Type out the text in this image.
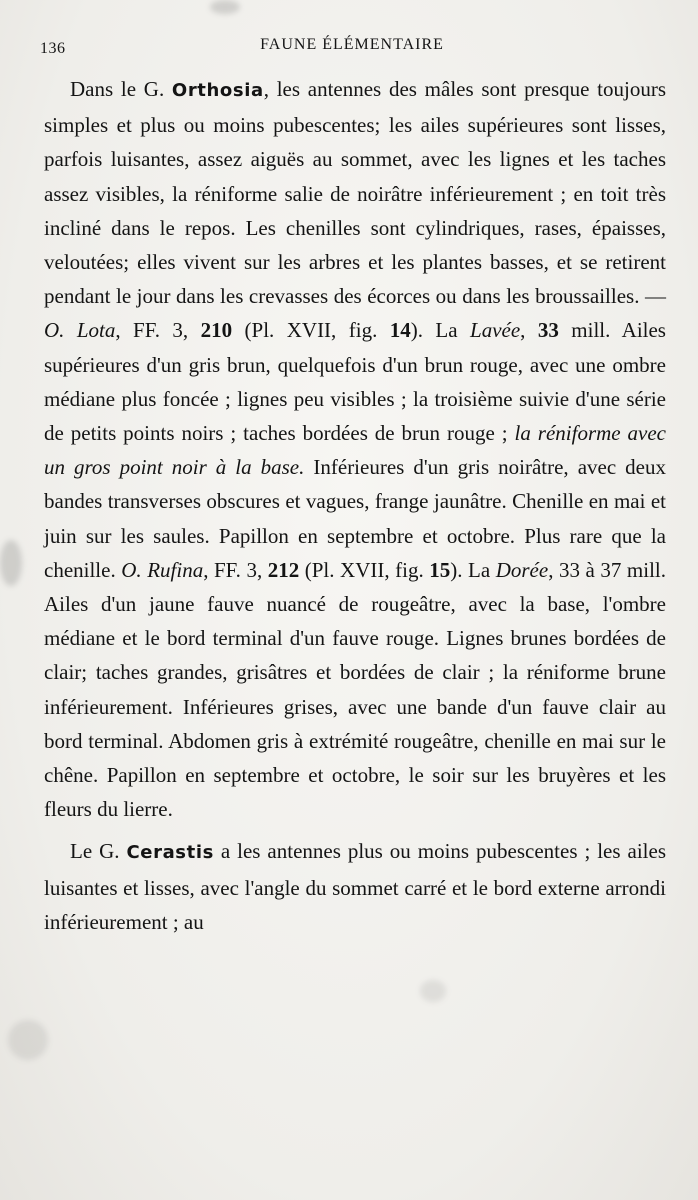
136	FAUNE ÉLÉMENTAIRE

Dans le G. Orthosia, les antennes des mâles sont presque toujours simples et plus ou moins pubescentes; les ailes supérieures sont lisses, parfois luisantes, assez aiguës au sommet, avec les lignes et les taches assez visibles, la réniforme salie de noirâtre inférieurement ; en toit très incliné dans le repos. Les chenilles sont cylindriques, rases, épaisses, veloutées; elles vivent sur les arbres et les plantes basses, et se retirent pendant le jour dans les crevasses des écorces ou dans les broussailles. — O. Lota, FF. 3, 210 (Pl. XVII, fig. 14). La Lavée, 33 mill. Ailes supérieures d'un gris brun, quelquefois d'un brun rouge, avec une ombre médiane plus foncée ; lignes peu visibles ; la troisième suivie d'une série de petits points noirs ; taches bordées de brun rouge ; la réniforme avec un gros point noir à la base. Inférieures d'un gris noirâtre, avec deux bandes transverses obscures et vagues, frange jaunâtre. Chenille en mai et juin sur les saules. Papillon en septembre et octobre. Plus rare que la chenille. O. Rufina, FF. 3, 212 (Pl. XVII, fig. 15). La Dorée, 33 à 37 mill. Ailes d'un jaune fauve nuancé de rougeâtre, avec la base, l'ombre médiane et le bord terminal d'un fauve rouge. Lignes brunes bordées de clair; taches grandes, grisâtres et bordées de clair ; la réniforme brune inférieurement. Inférieures grises, avec une bande d'un fauve clair au bord terminal. Abdomen gris à extrémité rougeâtre, chenille en mai sur le chêne. Papillon en septembre et octobre, le soir sur les bruyères et les fleurs du lierre.

Le G. Cerastis a les antennes plus ou moins pubescentes ; les ailes luisantes et lisses, avec l'angle du sommet carré et le bord externe arrondi inférieurement ; au
